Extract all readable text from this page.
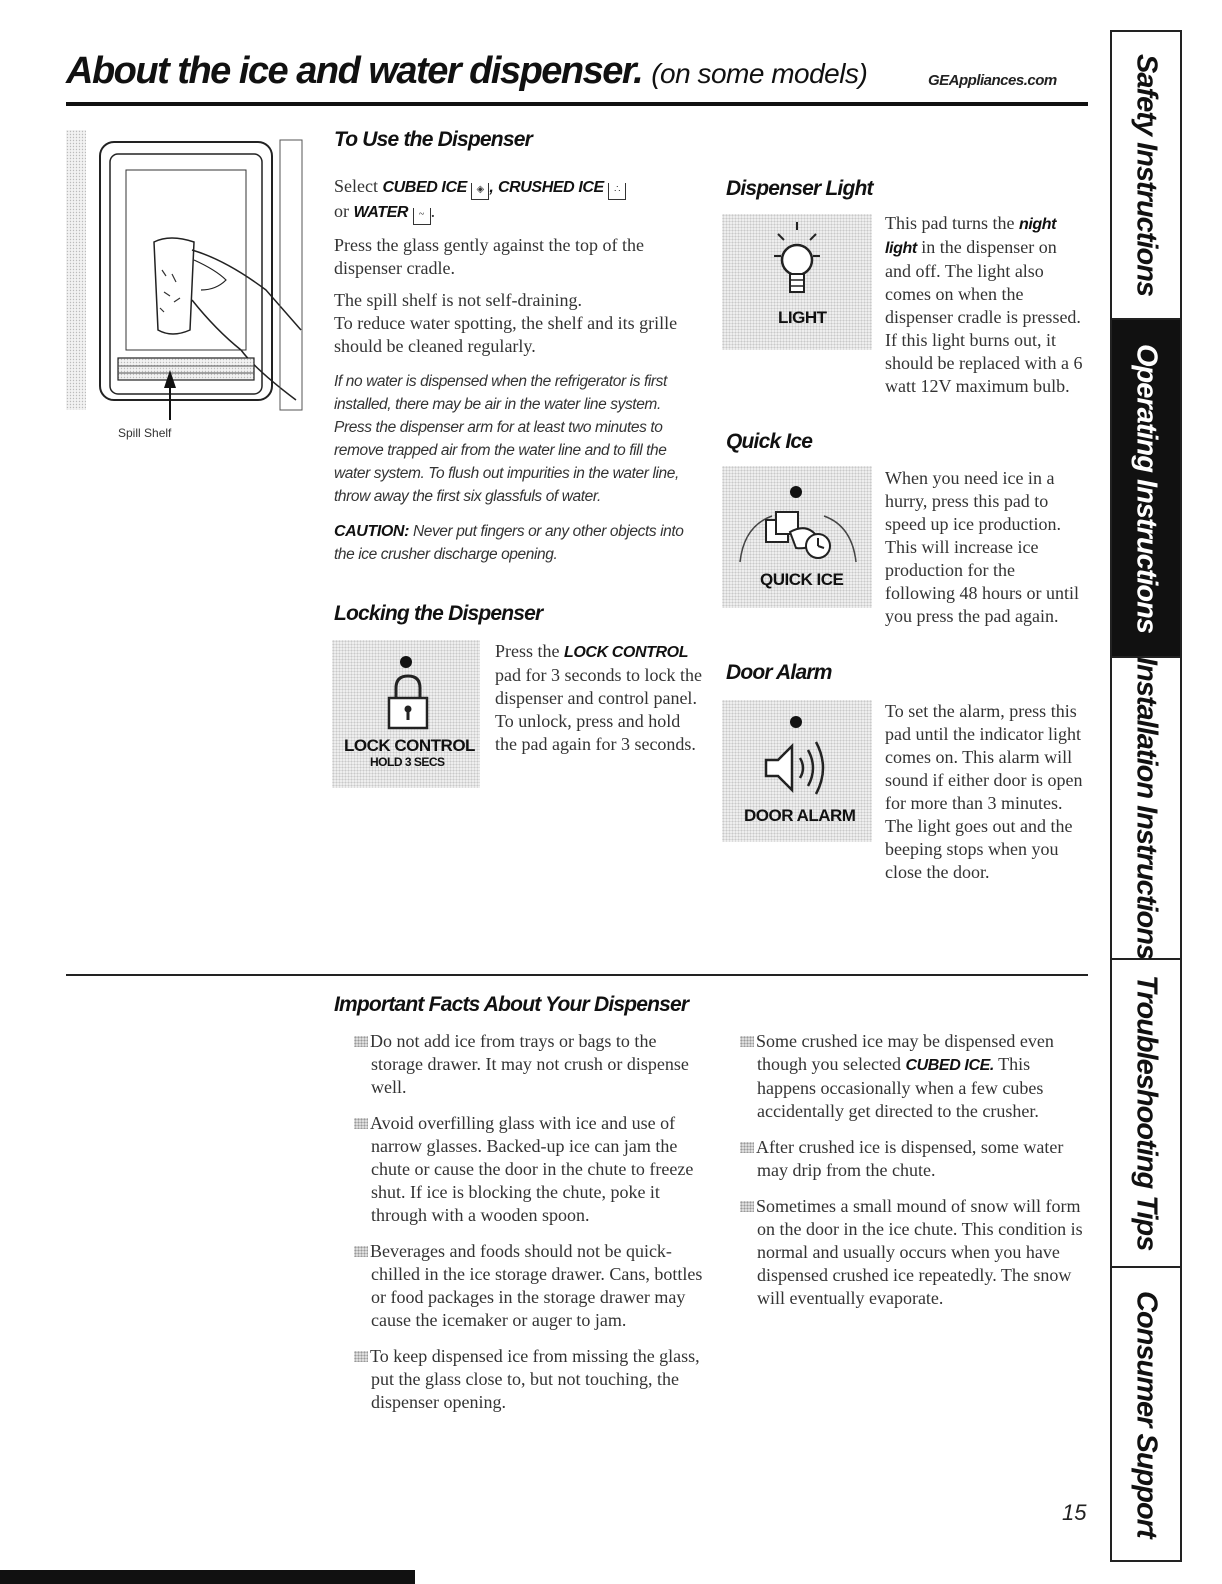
About the ice and water dispenser. (on some models)	GEAppliances.com
Spill Shelf
To Use the Dispenser

Select CUBED ICE ◈ , CRUSHED ICE ∴
or WATER ~ .

Press the glass gently against the top of the dispenser cradle.

The spill shelf is not self-draining.
To reduce water spotting, the shelf and its grille should be cleaned regularly.

If no water is dispensed when the refrigerator is first installed, there may be air in the water line system. Press the dispenser arm for at least two minutes to remove trapped air from the water line and to fill the water system. To flush out impurities in the water line, throw away the first six glassfuls of water.
CAUTION: Never put fingers or any other objects into the ice crusher discharge opening.
Locking the Dispenser
LOCK CONTROL
HOLD 3 SECS
Press the LOCK CONTROL pad for 3 seconds to lock the dispenser and control panel. To unlock, press and hold the pad again for 3 seconds.
Dispenser Light
LIGHT
This pad turns the night light in the dispenser on and off. The light also comes on when the dispenser cradle is pressed. If this light burns out, it should be replaced with a 6 watt 12V maximum bulb.
Quick Ice
QUICK ICE
When you need ice in a hurry, press this pad to speed up ice production. This will increase ice production for the following 48 hours or until you press the pad again.
Door Alarm
DOOR ALARM
To set the alarm, press this pad until the indicator light comes on. This alarm will sound if either door is open for more than 3 minutes. The light goes out and the beeping stops when you close the door.
Important Facts About Your Dispenser

Do not add ice from trays or bags to the storage drawer. It may not crush or dispense well.

Avoid overfilling glass with ice and use of narrow glasses. Backed-up ice can jam the chute or cause the door in the chute to freeze shut. If ice is blocking the chute, poke it through with a wooden spoon.

Beverages and foods should not be quick-chilled in the ice storage drawer. Cans, bottles or food packages in the storage drawer may cause the icemaker or auger to jam.

To keep dispensed ice from missing the glass, put the glass close to, but not touching, the dispenser opening.

Some crushed ice may be dispensed even though you selected CUBED ICE. This happens occasionally when a few cubes accidentally get directed to the crusher.

After crushed ice is dispensed, some water may drip from the chute.

Sometimes a small mound of snow will form on the door in the ice chute. This condition is normal and usually occurs when you have dispensed crushed ice repeatedly. The snow will eventually evaporate.

Safety Instructions
Operating Instructions
Installation Instructions
Troubleshooting Tips
Consumer Support
15
